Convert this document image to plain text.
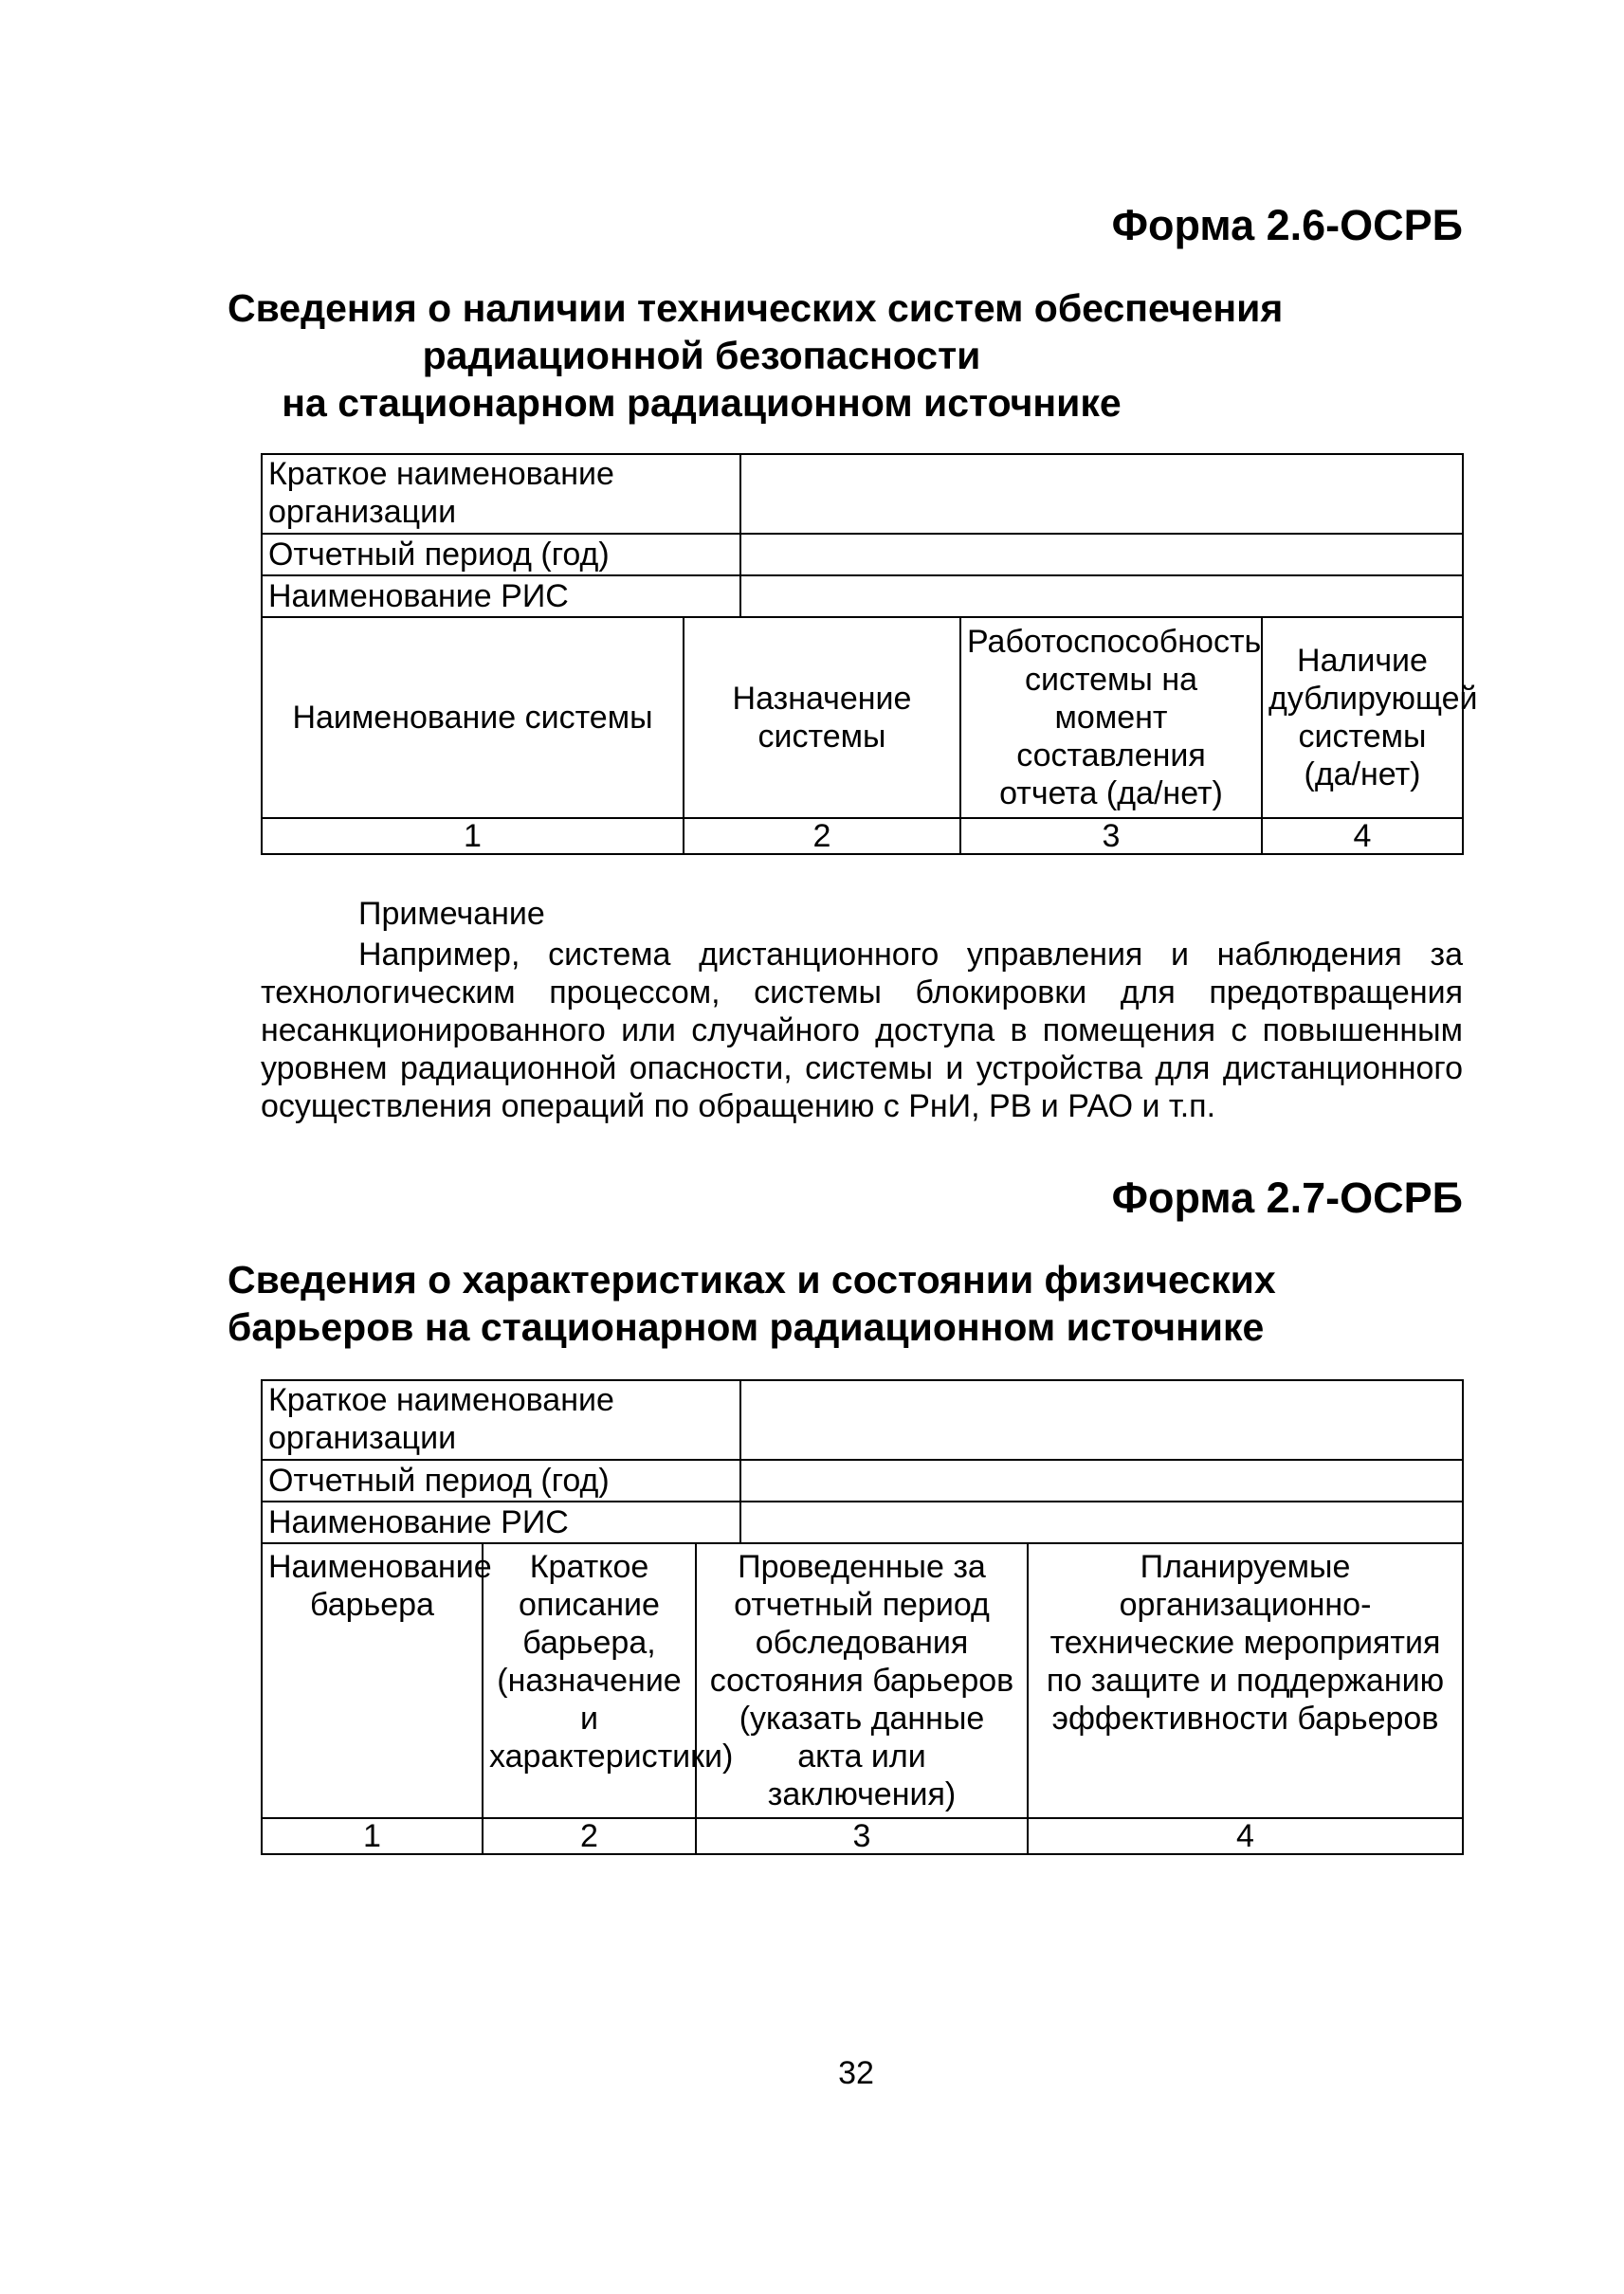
Форма 2.6-ОСРБ
Сведения о наличии технических систем обеспечения
радиационной безопасности
на стационарном радиационном источнике
Краткое наименование организации	
Отчетный период (год)	
Наименование РИС	
Наименование системы	Назначение системы	Работоспособность системы на момент составления отчета (да/нет)	Наличие дублирующей системы (да/нет)
1	2	3	4
Примечание
Например, система дистанционного управления и наблюдения за технологическим процессом, системы блокировки для предотвращения несанкционированного или случайного доступа в помещения с повышенным уровнем радиационной опасности, системы и устройства для дистанционного осуществления операций по обращению с РнИ, РВ и РАО и т.п.
Форма 2.7-ОСРБ
Сведения о характеристиках и состоянии физических
барьеров на стационарном радиационном источнике
Краткое наименование организации	
Отчетный период (год)	
Наименование РИС	
Наименование барьера	Краткое описание барьера, (назначение и характеристики)	Проведенные за отчетный период обследования состояния барьеров (указать данные акта или заключения)	Планируемые организационно-технические мероприятия по защите и поддержанию эффективности барьеров
1	2	3	4
32
